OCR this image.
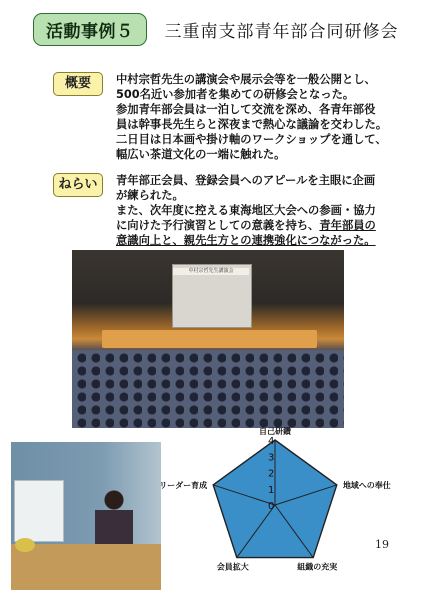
活動事例５	三重南支部青年部合同研修会
概要	中村宗哲先生の講演会や展示会等を一般公開とし、

500名近い参加者を集めての研修会となった。

参加青年部会員は一泊して交流を深め、各青年部役

員は幹事長先生らと深夜まで熱心な議論を交わした。

二日目は日本画や掛け軸のワークショップを通して、

幅広い茶道文化の一端に触れた。

ねらい	青年部正会員、登録会員へのアピールを主眼に企画

が練られた。

また、次年度に控える東海地区大会への参画・協力

に向けた予行演習としての意義を持ち、青年部員の

意識向上と、親先生方との連携強化につながった。

中村宗哲先生講演会
0
1
2
3
4
自己研鑽
地域への奉仕
組織の充実
会員拡大
リーダー育成
19
